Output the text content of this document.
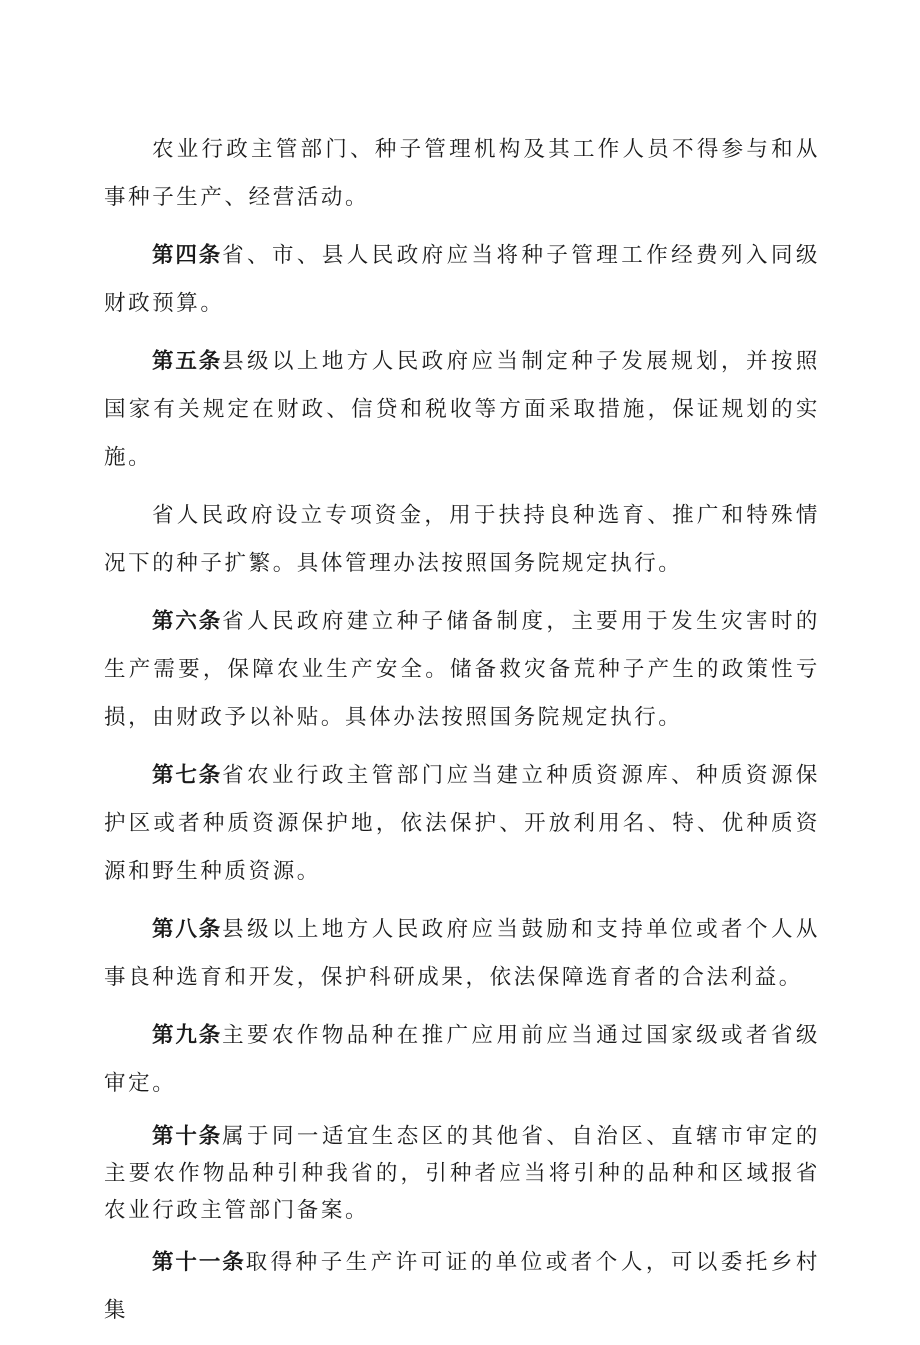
农业行政主管部门、种子管理机构及其工作人员不得参与和从事种子生产、经营活动。

第四条省、市、县人民政府应当将种子管理工作经费列入同级财政预算。

第五条县级以上地方人民政府应当制定种子发展规划，并按照国家有关规定在财政、信贷和税收等方面采取措施，保证规划的实施。

省人民政府设立专项资金，用于扶持良种选育、推广和特殊情况下的种子扩繁。具体管理办法按照国务院规定执行。

第六条省人民政府建立种子储备制度，主要用于发生灾害时的生产需要，保障农业生产安全。储备救灾备荒种子产生的政策性亏损，由财政予以补贴。具体办法按照国务院规定执行。

第七条省农业行政主管部门应当建立种质资源库、种质资源保护区或者种质资源保护地，依法保护、开放利用名、特、优种质资源和野生种质资源。

第八条县级以上地方人民政府应当鼓励和支持单位或者个人从事良种选育和开发，保护科研成果，依法保障选育者的合法利益。

第九条主要农作物品种在推广应用前应当通过国家级或者省级审定。

第十条属于同一适宜生态区的其他省、自治区、直辖市审定的主要农作物品种引种我省的，引种者应当将引种的品种和区域报省农业行政主管部门备案。

第十一条取得种子生产许可证的单位或者个人，可以委托乡村集
